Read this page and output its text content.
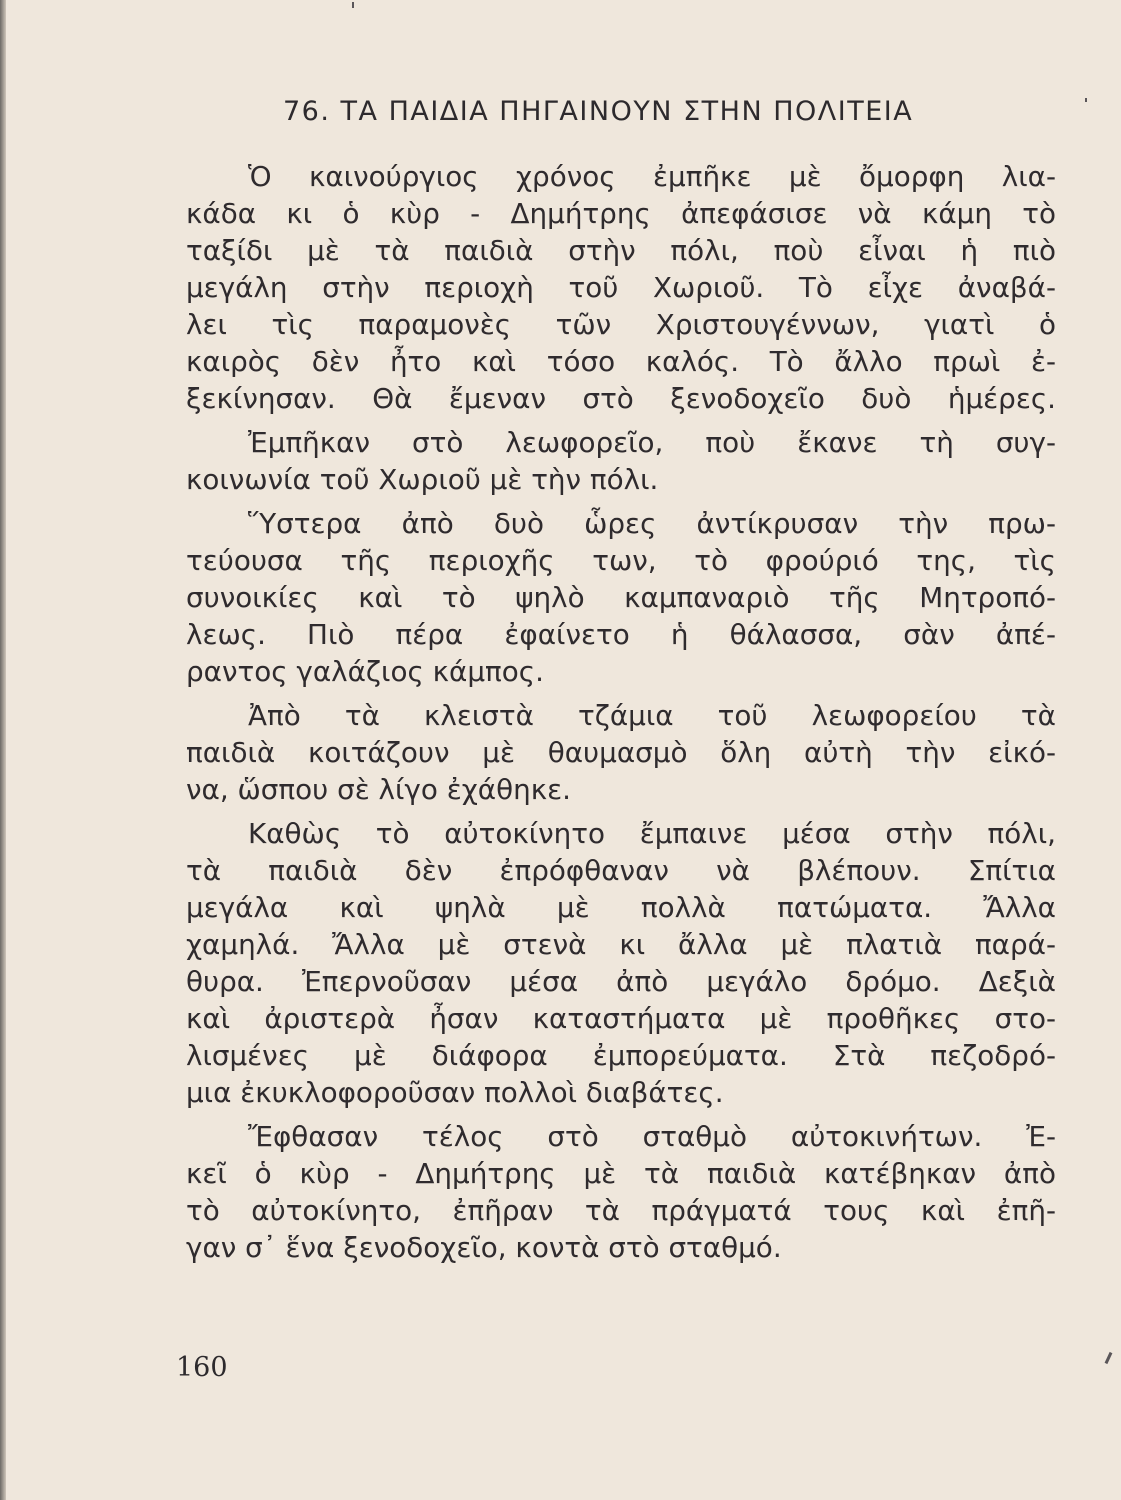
76. ΤΑ ΠΑΙΔΙΑ ΠΗΓΑΙΝΟΥΝ ΣΤΗΝ ΠΟΛΙΤΕΙΑ

Ὁ καινούργιος χρόνος ἐμπῆκε μὲ ὄμορφη λια-
κάδα κι ὁ κὺρ - Δημήτρης ἀπεφάσισε νὰ κάμη τὸ
ταξίδι μὲ τὰ παιδιὰ στὴν πόλι, ποὺ εἶναι ἡ πιὸ
μεγάλη στὴν περιοχὴ τοῦ Χωριοῦ. Τὸ εἶχε ἀναβά-
λει τὶς παραμονὲς τῶν Χριστουγέννων, γιατὶ ὁ
καιρὸς δὲν ἦτο καὶ τόσο καλός. Τὸ ἄλλο πρωὶ ἐ-
ξεκίνησαν. Θὰ ἔμεναν στὸ ξενοδοχεῖο δυὸ ἡμέρες.

Ἐμπῆκαν στὸ λεωφορεῖο, ποὺ ἔκανε τὴ συγ-
κοινωνία τοῦ Χωριοῦ μὲ τὴν πόλι.

Ὕστερα ἀπὸ δυὸ ὧρες ἀντίκρυσαν τὴν πρω-
τεύουσα τῆς περιοχῆς των, τὸ φρούριό της, τὶς
συνοικίες καὶ τὸ ψηλὸ καμπαναριὸ τῆς Μητροπό-
λεως. Πιὸ πέρα ἐφαίνετο ἡ θάλασσα, σὰν ἀπέ-
ραντος γαλάζιος κάμπος.

Ἀπὸ τὰ κλειστὰ τζάμια τοῦ λεωφορείου τὰ
παιδιὰ κοιτάζουν μὲ θαυμασμὸ ὅλη αὐτὴ τὴν εἰκό-
να, ὥσπου σὲ λίγο ἐχάθηκε.

Καθὼς τὸ αὐτοκίνητο ἔμπαινε μέσα στὴν πόλι,
τὰ παιδιὰ δὲν ἐπρόφθαναν νὰ βλέπουν. Σπίτια
μεγάλα καὶ ψηλὰ μὲ πολλὰ πατώματα. Ἄλλα
χαμηλά. Ἄλλα μὲ στενὰ κι ἄλλα μὲ πλατιὰ παρά-
θυρα. Ἐπερνοῦσαν μέσα ἀπὸ μεγάλο δρόμο. Δεξιὰ
καὶ ἀριστερὰ ἦσαν καταστήματα μὲ προθῆκες στο-
λισμένες μὲ διάφορα ἐμπορεύματα. Στὰ πεζοδρό-
μια ἐκυκλοφοροῦσαν πολλοὶ διαβάτες.

Ἔφθασαν τέλος στὸ σταθμὸ αὐτοκινήτων. Ἐ-
κεῖ ὁ κὺρ - Δημήτρης μὲ τὰ παιδιὰ κατέβηκαν ἀπὸ
τὸ αὐτοκίνητο, ἐπῆραν τὰ πράγματά τους καὶ ἐπῆ-
γαν σ᾿ ἕνα ξενοδοχεῖο, κοντὰ στὸ σταθμό.

160
